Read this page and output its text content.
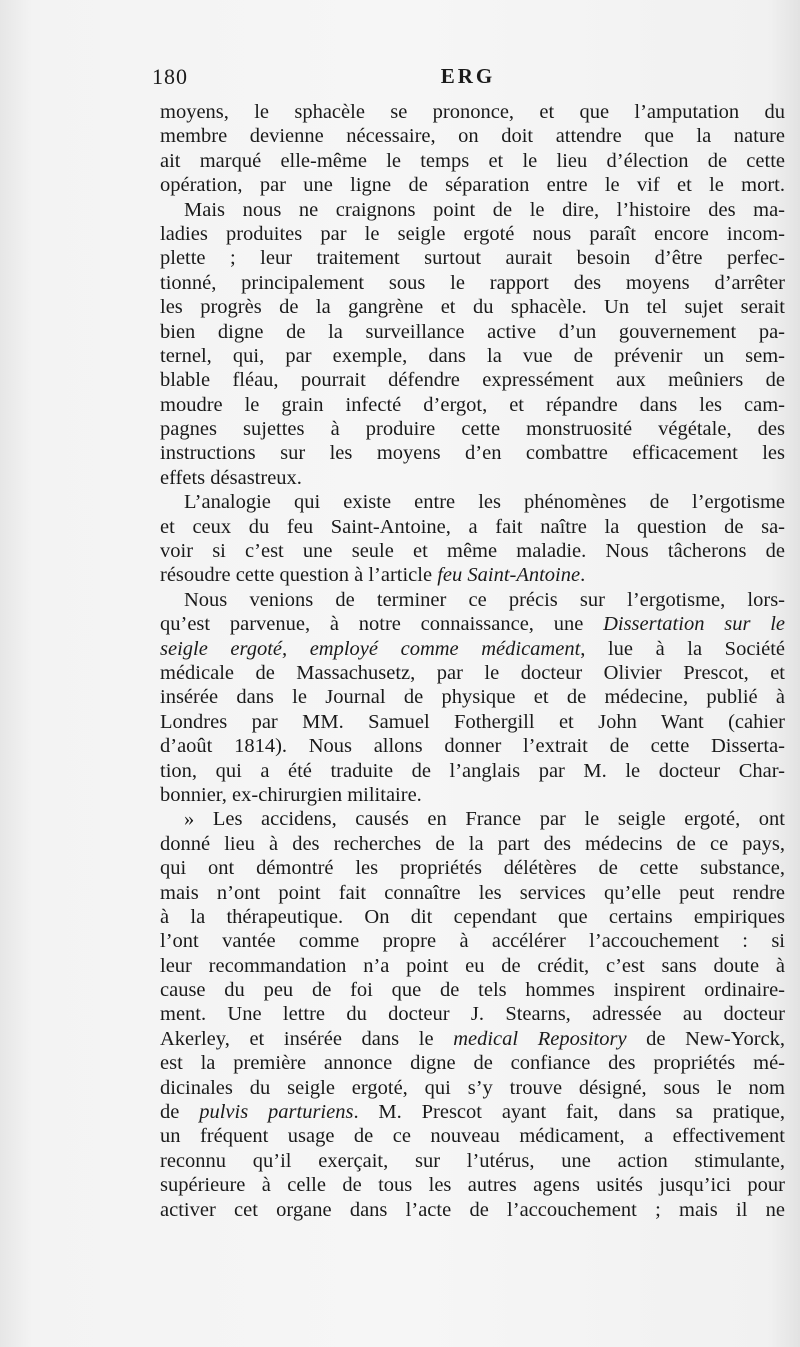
180	ERG
moyens, le sphacèle se prononce, et que l’amputation du
membre devienne nécessaire, on doit attendre que la nature
ait marqué elle-même le temps et le lieu d’élection de cette
opération, par une ligne de séparation entre le vif et le mort.
Mais nous ne craignons point de le dire, l’histoire des ma-
ladies produites par le seigle ergoté nous paraît encore incom-
plette ; leur traitement surtout aurait besoin d’être perfec-
tionné, principalement sous le rapport des moyens d’arrêter
les progrès de la gangrène et du sphacèle. Un tel sujet serait
bien digne de la surveillance active d’un gouvernement pa-
ternel, qui, par exemple, dans la vue de prévenir un sem-
blable fléau, pourrait défendre expressément aux meûniers de
moudre le grain infecté d’ergot, et répandre dans les cam-
pagnes sujettes à produire cette monstruosité végétale, des
instructions sur les moyens d’en combattre efficacement les
effets désastreux.
L’analogie qui existe entre les phénomènes de l’ergotisme
et ceux du feu Saint-Antoine, a fait naître la question de sa-
voir si c’est une seule et même maladie. Nous tâcherons de
résoudre cette question à l’article feu Saint-Antoine.
Nous venions de terminer ce précis sur l’ergotisme, lors-
qu’est parvenue, à notre connaissance, une Dissertation sur le
seigle ergoté, employé comme médicament, lue à la Société
médicale de Massachusetz, par le docteur Olivier Prescot, et
insérée dans le Journal de physique et de médecine, publié à
Londres par MM. Samuel Fothergill et John Want (cahier
d’août 1814). Nous allons donner l’extrait de cette Disserta-
tion, qui a été traduite de l’anglais par M. le docteur Char-
bonnier, ex-chirurgien militaire.
» Les accidens, causés en France par le seigle ergoté, ont
donné lieu à des recherches de la part des médecins de ce pays,
qui ont démontré les propriétés délétères de cette substance,
mais n’ont point fait connaître les services qu’elle peut rendre
à la thérapeutique. On dit cependant que certains empiriques
l’ont vantée comme propre à accélérer l’accouchement : si
leur recommandation n’a point eu de crédit, c’est sans doute à
cause du peu de foi que de tels hommes inspirent ordinaire-
ment. Une lettre du docteur J. Stearns, adressée au docteur
Akerley, et insérée dans le medical Repository de New-Yorck,
est la première annonce digne de confiance des propriétés mé-
dicinales du seigle ergoté, qui s’y trouve désigné, sous le nom
de pulvis parturiens. M. Prescot ayant fait, dans sa pratique,
un fréquent usage de ce nouveau médicament, a effectivement
reconnu qu’il exerçait, sur l’utérus, une action stimulante,
supérieure à celle de tous les autres agens usités jusqu’ici pour
activer cet organe dans l’acte de l’accouchement ; mais il ne
